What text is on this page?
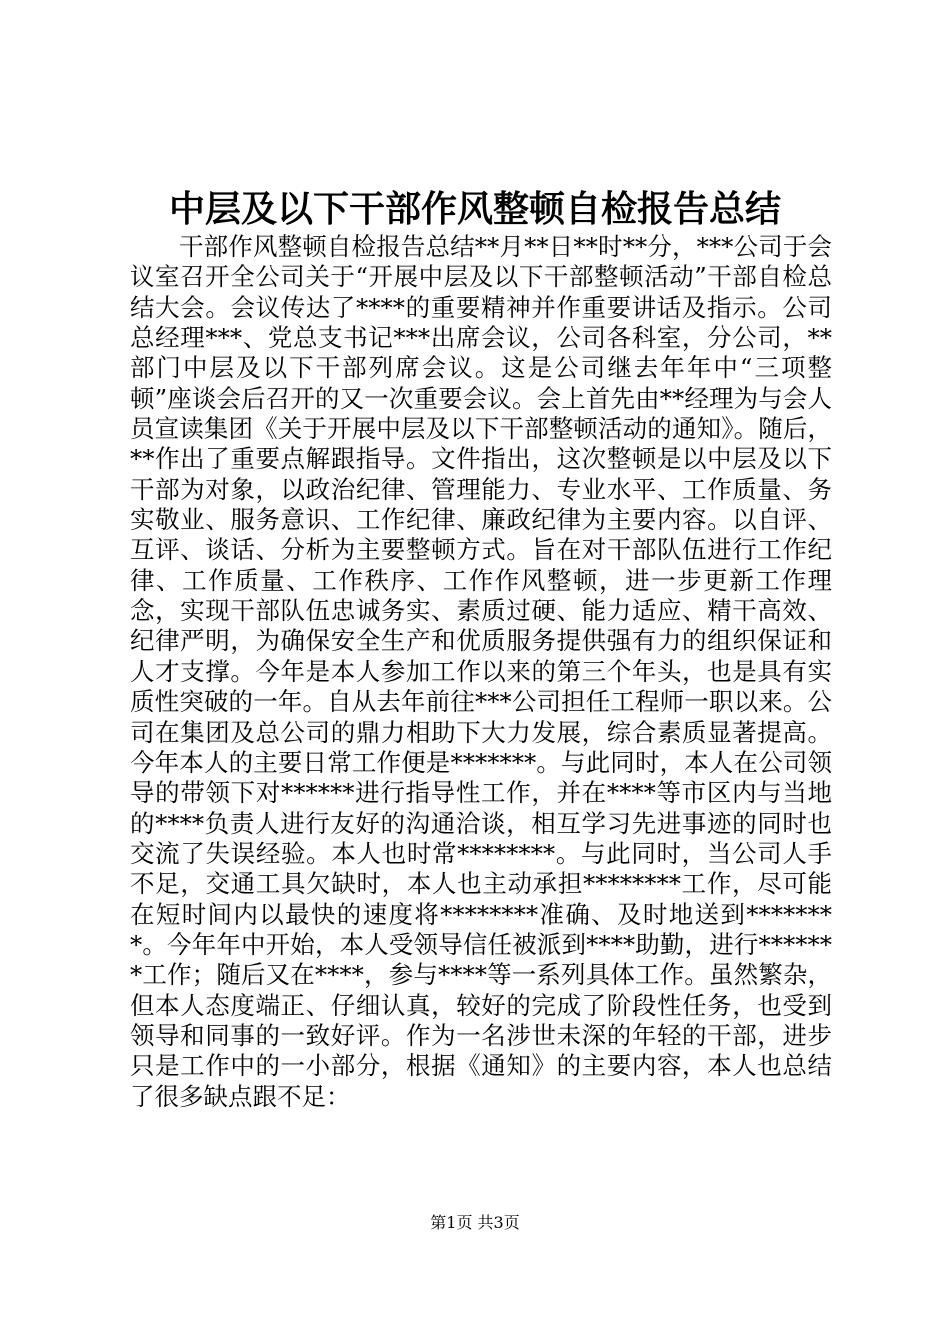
中层及以下干部作风整顿自检报告总结

干部作风整顿自检报告总结**月**日**时**分，***公司于会议室召开全公司关于“开展中层及以下干部整顿活动”干部自检总结大会。会议传达了****的重要精神并作重要讲话及指示。公司总经理***、党总支书记***出席会议，公司各科室，分公司，**部门中层及以下干部列席会议。这是公司继去年年中“三项整顿”座谈会后召开的又一次重要会议。会上首先由**经理为与会人员宣读集团《关于开展中层及以下干部整顿活动的通知》。随后，**作出了重要点解跟指导。文件指出，这次整顿是以中层及以下干部为对象，以政治纪律、管理能力、专业水平、工作质量、务实敬业、服务意识、工作纪律、廉政纪律为主要内容。以自评、互评、谈话、分析为主要整顿方式。旨在对干部队伍进行工作纪律、工作质量、工作秩序、工作作风整顿，进一步更新工作理念，实现干部队伍忠诚务实、素质过硬、能力适应、精干高效、纪律严明，为确保安全生产和优质服务提供强有力的组织保证和人才支撑。今年是本人参加工作以来的第三个年头，也是具有实质性突破的一年。自从去年前往***公司担任工程师一职以来。公司在集团及总公司的鼎力相助下大力发展，综合素质显著提高。今年本人的主要日常工作便是*******。与此同时，本人在公司领导的带领下对******进行指导性工作，并在****等市区内与当地的****负责人进行友好的沟通洽谈，相互学习先进事迹的同时也交流了失误经验。本人也时常********。与此同时，当公司人手不足，交通工具欠缺时，本人也主动承担********工作，尽可能在短时间内以最快的速度将********准确、及时地送到********。今年年中开始，本人受领导信任被派到****助勤，进行*******工作；随后又在****，参与****等一系列具体工作。虽然繁杂，但本人态度端正、仔细认真，较好的完成了阶段性任务，也受到领导和同事的一致好评。作为一名涉世未深的年轻的干部，进步只是工作中的一小部分，根据《通知》的主要内容，本人也总结了很多缺点跟不足：

第1页 共3页
